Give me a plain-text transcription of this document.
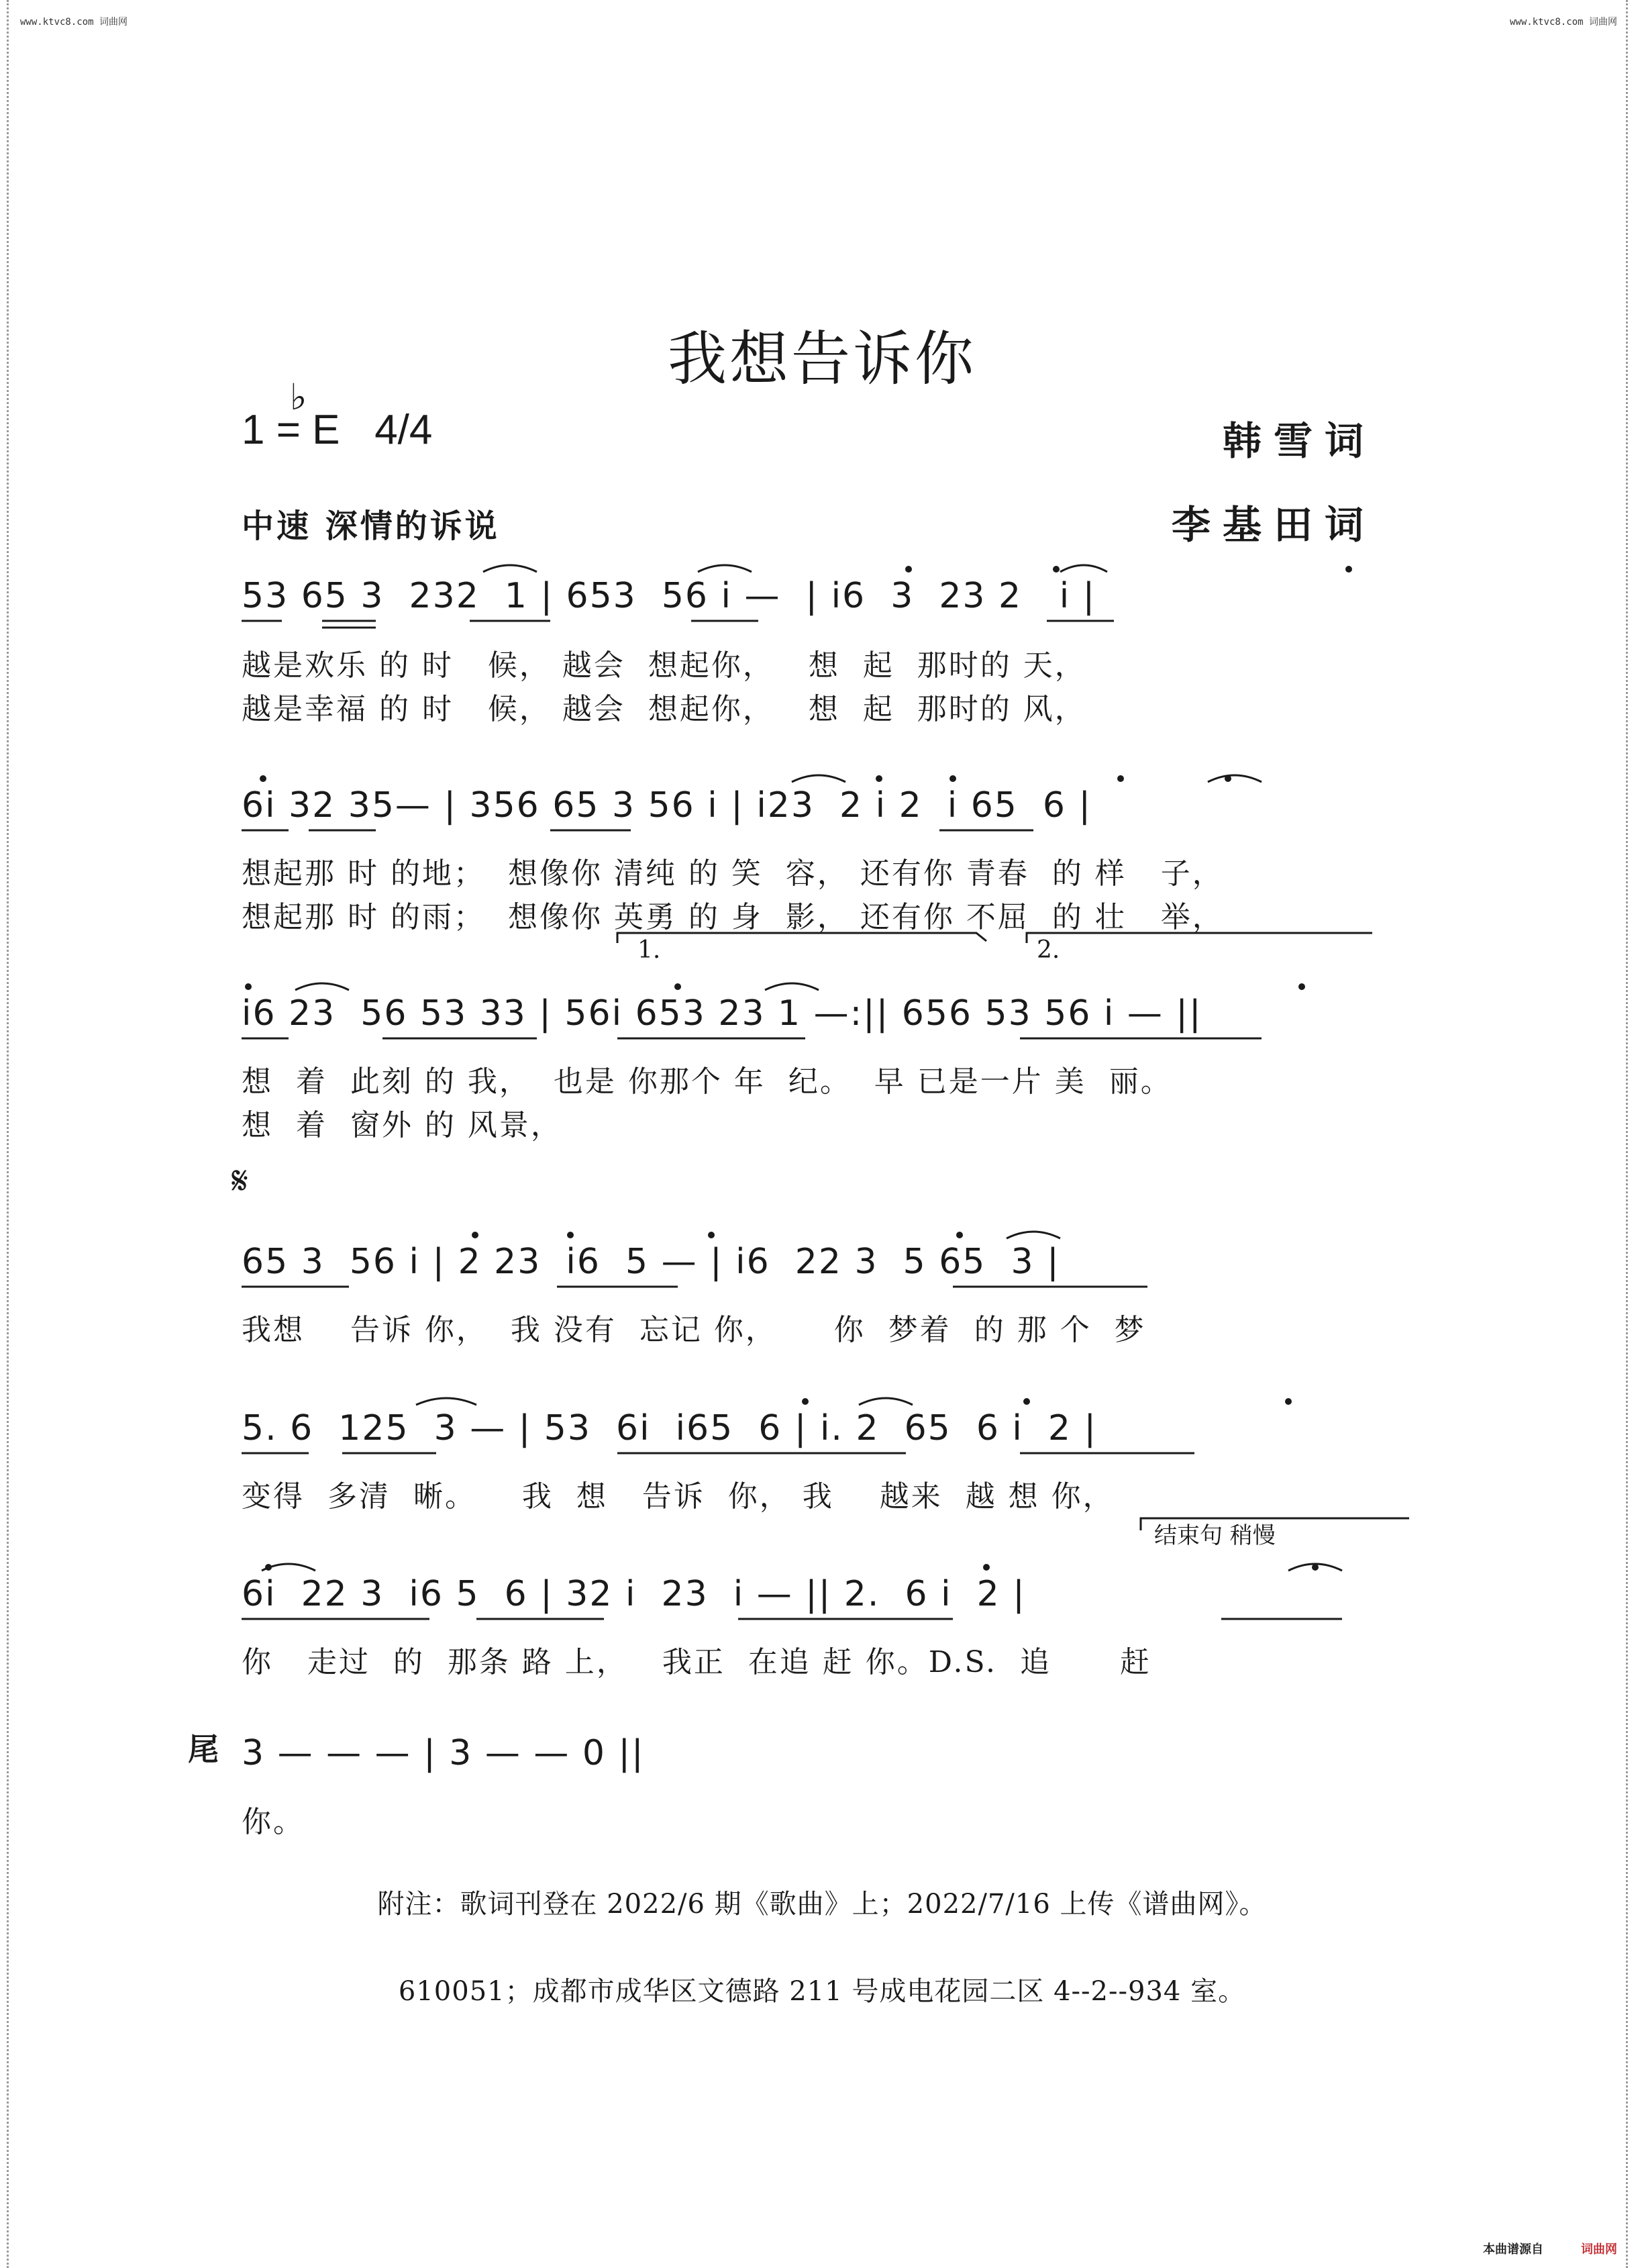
www.ktvc8.com 词曲网	www.ktvc8.com 词曲网
我想告诉你
♭
1 = E 4/4	韩雪词
李基田词
中速 深情的诉说
53 65 3  232  1 | 653  56 i —  | i6  3  23 2   i |
越是欢乐 的 时   候， 越会  想起你，   想  起  那时的 天，
越是幸福 的 时   候， 越会  想起你，   想  起  那时的 风，
6i 32 35— | 356 65 3 56 i | i23  2 i 2  i 65  6 |
想起那 时 的地；  想像你 清纯 的 笑  容， 还有你 青春  的 样   子，
想起那 时 的雨；  想像你 英勇 的 身  影， 还有你 不屈  的 壮   举，
1.	2.
i6 23  56 53 33 | 56i 653 23 1 —:|| 656 53 56 i — ||
想  着  此刻 的 我，  也是 你那个 年  纪。  早 已是一片 美  丽。
想  着  窗外 的 风景，
𝄋
65 3  56 i | 2 23  i6  5 — | i6  22 3  5 65  3 |
我想    告诉 你，  我 没有  忘记 你，     你  梦着  的 那 个  梦
5. 6  125  3 — | 53  6i  i65  6 | i. 2  65  6 i  2 |
变得  多清  晰。    我  想   告诉  你， 我    越来  越 想 你，
结束句 稍慢
6i  22 3  i6 5  6 | 32 i  23  i — || 2.  6 i  2 |
你   走过  的  那条 路 上，   我正  在追 赶 你。D.S.  追      赶
尾 3 — — — | 3 — — 0 ||
你。
附注：歌词刊登在 2022/6 期《歌曲》上；2022/7/16 上传《谱曲网》。
610051；成都市成华区文德路 211 号成电花园二区 4--2--934 室。
本曲谱源自	词曲网
